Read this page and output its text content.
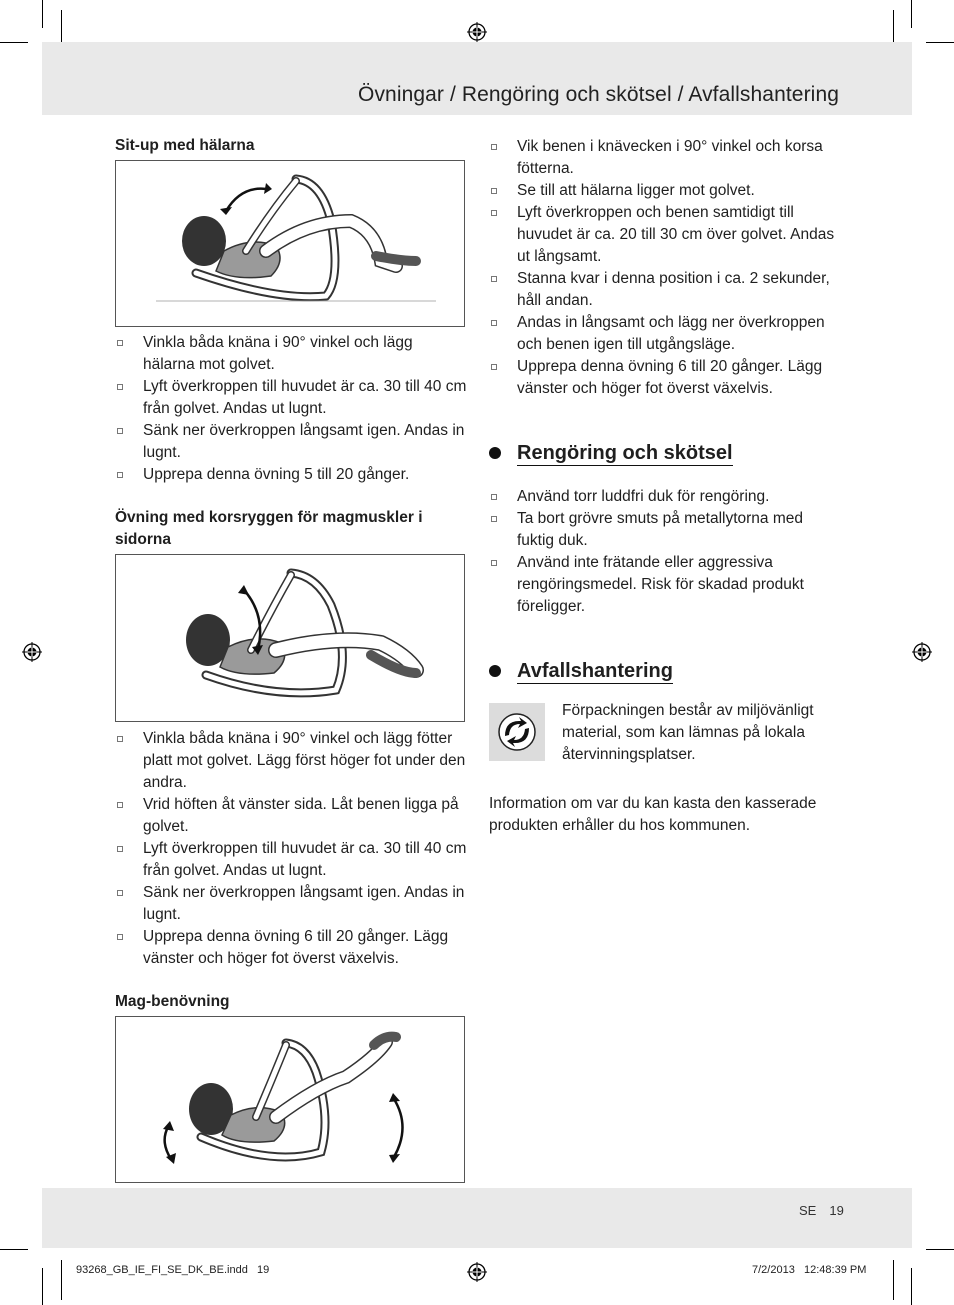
Övningar / Rengöring och skötsel / Avfallshantering

Sit-up med hälarna

Vinkla båda knäna i 90° vinkel och lägg hälarna mot golvet.
Lyft överkroppen till huvudet är ca. 30 till 40 cm från golvet. Andas ut lugnt.
Sänk ner överkroppen långsamt igen. Andas in lugnt.
Upprepa denna övning 5 till 20 gånger.

Övning med korsryggen för magmuskler i sidorna

Vinkla båda knäna i 90° vinkel och lägg fötter platt mot golvet. Lägg först höger fot under den andra.
Vrid höften åt vänster sida. Låt benen ligga på golvet.
Lyft överkroppen till huvudet är ca. 30 till 40 cm från golvet. Andas ut lugnt.
Sänk ner överkroppen långsamt igen. Andas in lugnt.
Upprepa denna övning 6 till 20 gånger. Lägg vänster och höger fot överst växelvis.

Mag-benövning

Vik benen i knävecken i 90° vinkel och korsa fötterna.
Se till att hälarna ligger mot golvet.
Lyft överkroppen och benen samtidigt till huvudet är ca. 20 till 30 cm över golvet. Andas ut långsamt.
Stanna kvar i denna position i ca. 2 sekunder, håll andan.
Andas in långsamt och lägg ner överkroppen och benen igen till utgångsläge.
Upprepa denna övning 6 till 20 gånger. Lägg vänster och höger fot överst växelvis.
Rengöring och skötsel
Använd torr luddfri duk för rengöring.
Ta bort grövre smuts på metallytorna med fuktig duk.
Använd inte frätande eller aggressiva rengöringsmedel. Risk för skadad produkt föreligger.
Avfallshantering

Förpackningen består av miljövänligt material, som kan lämnas på lokala återvinningsplatser.

Information om var du kan kasta den kasserade produkten erhåller du hos kommunen.

SE 19
93268_GB_IE_FI_SE_DK_BE.indd   19	7/2/2013   12:48:39 PM
